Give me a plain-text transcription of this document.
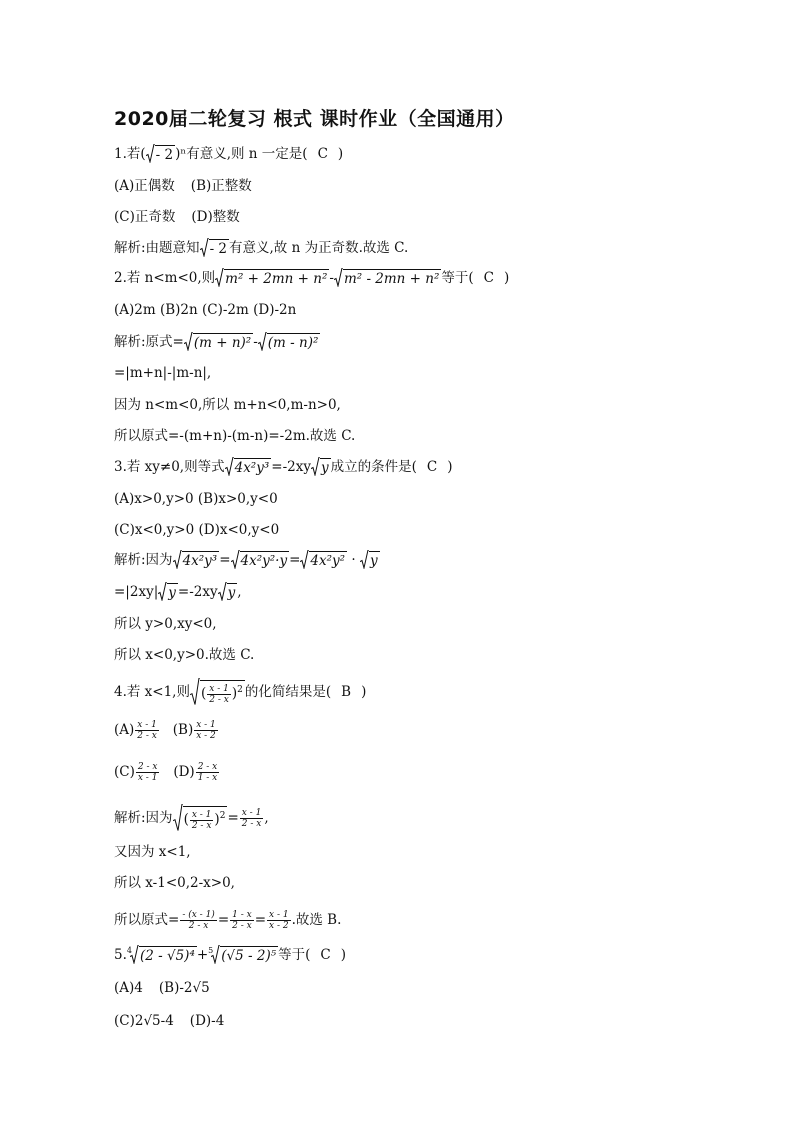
2020届二轮复习 根式 课时作业（全国通用）
1.若( - 2 )ⁿ有意义,则 n 一定是( C )
(A)正偶数 (B)正整数
(C)正奇数 (D)整数
解析:由题意知 - 2 有意义,故 n 为正奇数.故选 C.
2.若 n<m<0,则 m² + 2mn + n² - m² - 2mn + n² 等于( C )
(A)2m (B)2n (C)-2m (D)-2n
解析:原式= (m + n)² - (m - n)²
=|m+n|-|m-n|,
因为 n<m<0,所以 m+n<0,m-n>0,
所以原式=-(m+n)-(m-n)=-2m.故选 C.
3.若 xy≠0,则等式 4x²y³ =-2xy y 成立的条件是( C )
(A)x>0,y>0 (B)x>0,y<0
(C)x<0,y>0 (D)x<0,y<0
解析:因为 4x²y³ = 4x²y²·y = 4x²y² ·
y
=|2xy| y =-2xy y ,
所以 y>0,xy<0,
所以 x<0,y>0.故选 C.
4.若 x<1,则 ( $\frac{x - 1}{2 - x} )^2$ 的化简结果是( B )
$(A) \frac{x - 1}{2 - x} (B) \frac{x - 1}{x - 2}$
$(C) \frac{2 - x}{x - 1} (D) \frac{2 - x}{1 - x}$
解析:因为 ( $\frac{x - 1}{2 - x} )^2 = \frac{x - 1}{2 - x}$ ,
又因为 x<1,
所以 x-1<0,2-x>0,
所以原式= $\frac{- (x - 1)}{2 - x} = \frac{1 - x}{2 - x} = \frac{x - 1}{x - 2}$ .故选 B.
5.$^4$ (2 - √5)⁴ +$^5$ (√5 - 2)⁵ 等于( C )
(A)4 (B)-2√5
(C)2√5-4 (D)-4
